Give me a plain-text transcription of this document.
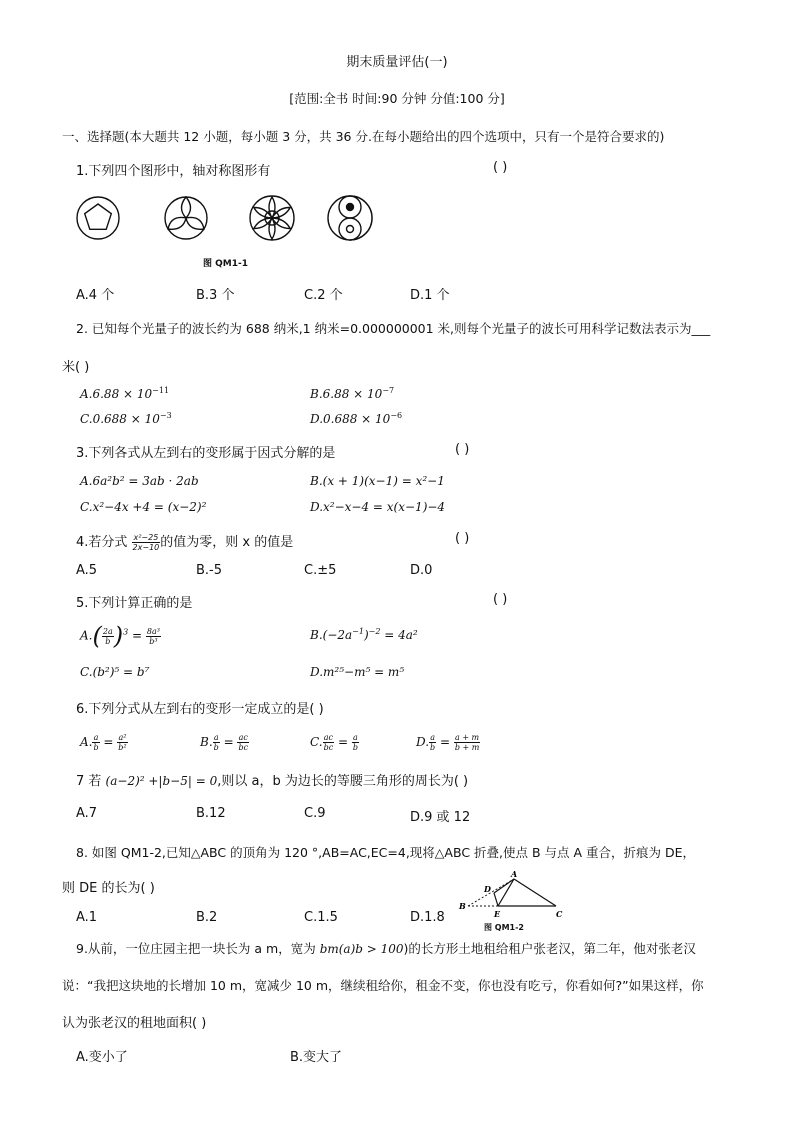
期末质量评估(一)
[范围:全书 时间:90 分钟 分值:100 分]
一、选择题(本大题共 12 小题，每小题 3 分，共 36 分.在每小题给出的四个选项中，只有一个是符合要求的)
1.下列四个图形中，轴对称图形有	( )
图 QM1-1
A.4 个	B.3 个	C.2 个	D.1 个
2. 已知每个光量子的波长约为 688 纳米,1 纳米=0.000000001 米,则每个光量子的波长可用科学记数法表示为___
米( )
$A.6.88 \times 10^{-11}$	$B.6.88 \times 10^{-7}$
$C.0.688 \times 10^{-3}$	$D.0.688 \times 10^{-6}$
3.下列各式从左到右的变形属于因式分解的是	( )
A.6a²b² = 3ab · 2ab	B.(x + 1)(x−1) = x²−1
C.x²−4x +4 = (x−2)²	D.x²−x−4 = x(x−1)−4
4.若分式 $\frac{\text{x²−25}}{2x-10}$ 的值为零，则 x 的值是	( )
A.5	B.-5	C.±5	D.0
5.下列计算正确的是	( )
$A.( \frac{2a}{b} )^3 = \frac{\text{8a³}}{\text{b³}}$	$B.(-2a^{-1})^{-2} = 4a^2$
C.(b²)⁵ = b⁷	D.m²⁵−m⁵ = m⁵
6.下列分式从左到右的变形一定成立的是( )
A. $\frac{a}{b} = \frac{\text{a²}}{\text{b²}}$	B. $\frac{a}{b} = \frac{ac}{bc}$	C. $\frac{ac}{bc} = \frac{a}{b}$	D. $\frac{a}{b} = \frac{a + m}{b + m}$
7 若 (a−2)² +|b−5| = 0,则以 a，b 为边长的等腰三角形的周长为( )
A.7	B.12	C.9	D.9 或 12
8. 如图 QM1-2,已知△ABC 的顶角为 120 °,AB=AC,EC=4,现将△ABC 折叠,使点 B 与点 A 重合，折痕为 DE，
则 DE 的长为( )
A.1	B.2	C.1.5	D.1.8
A
B
C
D
E
图 QM1-2
9.从前，一位庄园主把一块长为 a m，宽为 bm(a)b > 100)的长方形土地租给租户张老汉，第二年，他对张老汉
说：“我把这块地的长增加 10 m，宽减少 10 m，继续租给你，租金不变，你也没有吃亏，你看如何?”如果这样，你
认为张老汉的租地面积( )
A.变小了	B.变大了
